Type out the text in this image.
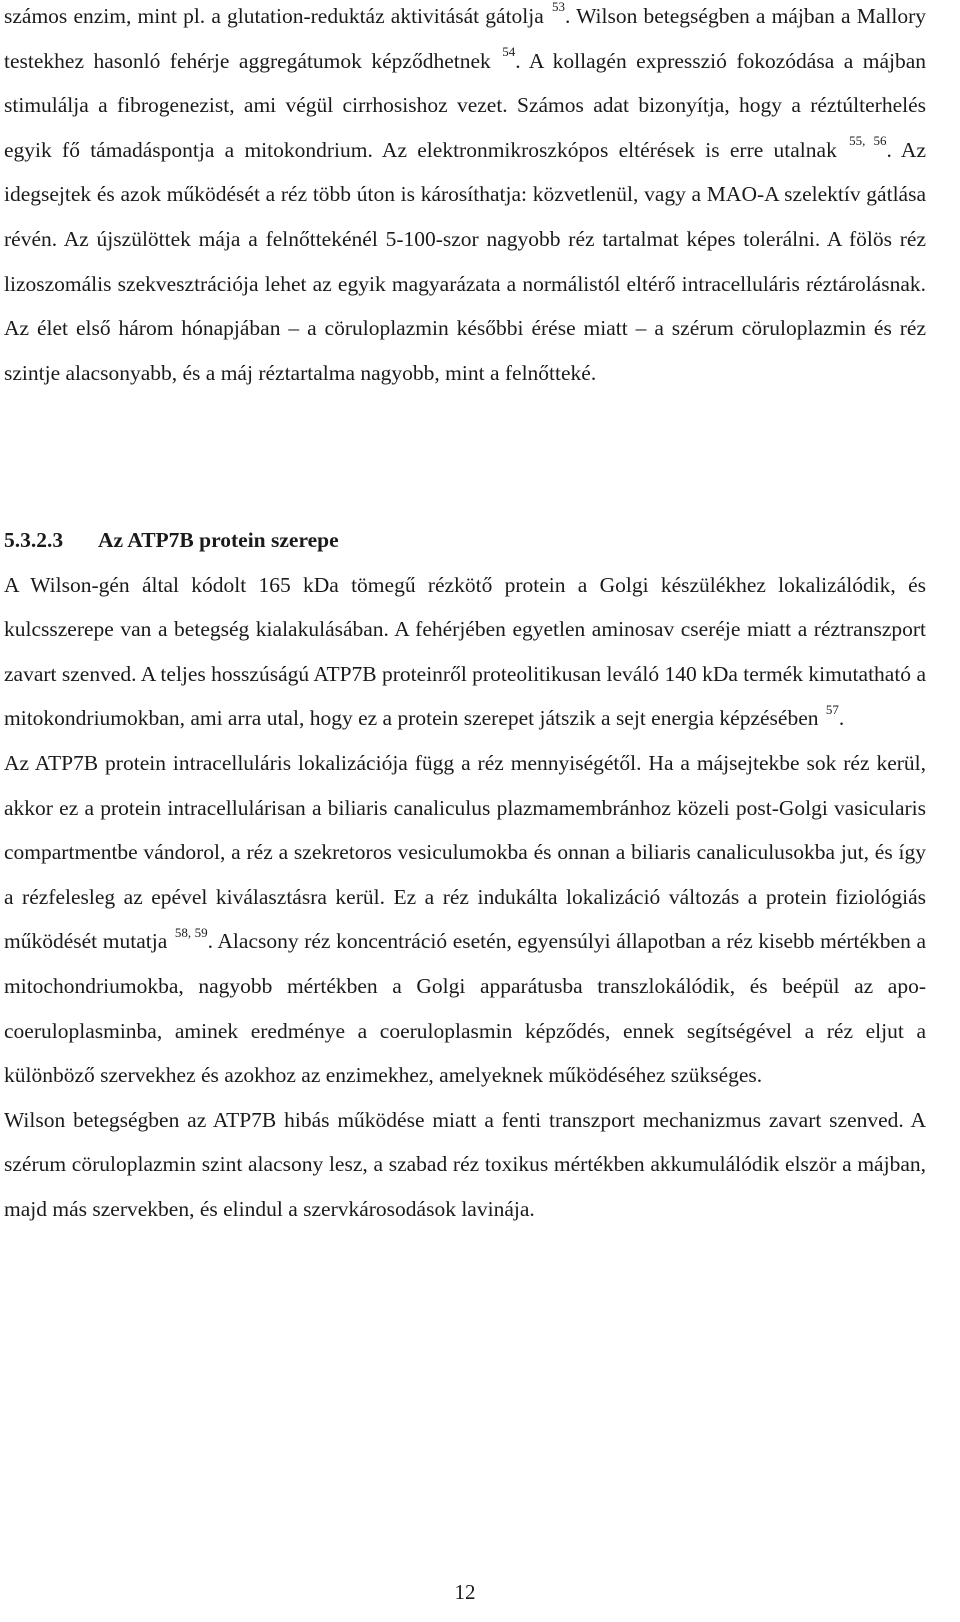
számos enzim, mint pl. a glutation-reduktáz aktivitását gátolja $^{53}$. Wilson betegségben a májban a Mallory testekhez hasonló fehérje aggregátumok képződhetnek $^{54}$. A kollagén expresszió fokozódása a májban stimulálja a fibrogenezist, ami végül cirrhosishoz vezet. Számos adat bizonyítja, hogy a réztúlterhelés egyik fő támadáspontja a mitokondrium. Az elektronmikroszkópos eltérések is erre utalnak $^{55, 56}$. Az idegsejtek és azok működését a réz több úton is károsíthatja: közvetlenül, vagy a MAO-A szelektív gátlása révén. Az újszülöttek mája a felnőttekénél 5-100-szor nagyobb réz tartalmat képes tolerálni. A fölös réz lizoszomális szekvesztrációja lehet az egyik magyarázata a normálistól eltérő intracelluláris réztárolásnak. Az élet első három hónapjában – a cöruloplazmin későbbi érése miatt – a szérum cöruloplazmin és réz szintje alacsonyabb, és a máj réztartalma nagyobb, mint a felnőtteké.

5.3.2.3 Az ATP7B protein szerepe

A Wilson-gén által kódolt 165 kDa tömegű rézkötő protein a Golgi készülékhez lokalizálódik, és kulcsszerepe van a betegség kialakulásában. A fehérjében egyetlen aminosav cseréje miatt a réztranszport zavart szenved. A teljes hosszúságú ATP7B proteinről proteolitikusan leváló 140 kDa termék kimutatható a mitokondriumokban, ami arra utal, hogy ez a protein szerepet játszik a sejt energia képzésében $^{57}$.

Az ATP7B protein intracelluláris lokalizációja függ a réz mennyiségétől. Ha a májsejtekbe sok réz kerül, akkor ez a protein intracellulárisan a biliaris canaliculus plazmamembránhoz közeli post-Golgi vasicularis compartmentbe vándorol, a réz a szekretoros vesiculumokba és onnan a biliaris canaliculusokba jut, és így a rézfelesleg az epével kiválasztásra kerül. Ez a réz indukálta lokalizáció változás a protein fiziológiás működését mutatja $^{58, 59}$. Alacsony réz koncentráció esetén, egyensúlyi állapotban a réz kisebb mértékben a mitochondriumokba, nagyobb mértékben a Golgi apparátusba transzlokálódik, és beépül az apo-coeruloplasminba, aminek eredménye a coeruloplasmin képződés, ennek segítségével a réz eljut a különböző szervekhez és azokhoz az enzimekhez, amelyeknek működéséhez szükséges.

Wilson betegségben az ATP7B hibás működése miatt a fenti transzport mechanizmus zavart szenved. A szérum cöruloplazmin szint alacsony lesz, a szabad réz toxikus mértékben akkumulálódik elször a májban, majd más szervekben, és elindul a szervkárosodások lavinája.

12
